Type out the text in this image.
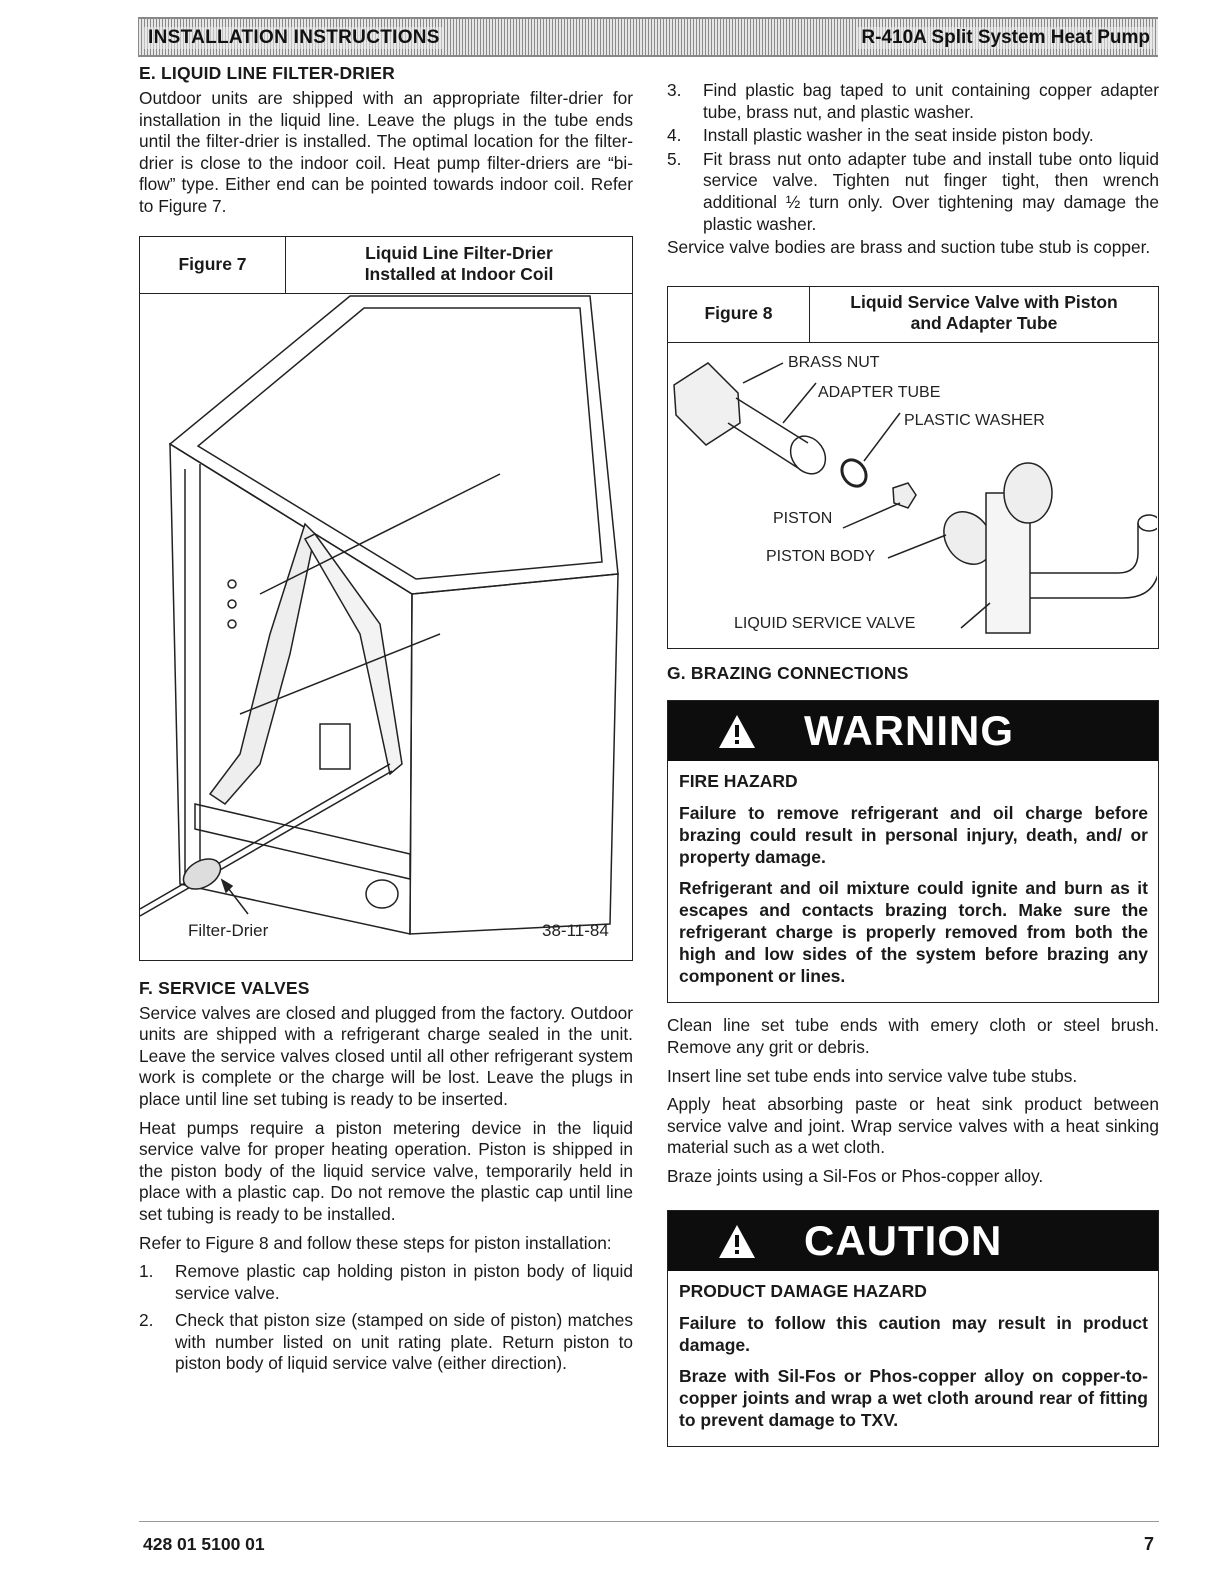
INSTALLATION INSTRUCTIONS	R-410A Split System Heat Pump
E. LIQUID LINE FILTER-DRIER

Outdoor units are shipped with an appropriate filter-drier for installation in the liquid line. Leave the plugs in the tube ends until the filter-drier is installed. The optimal location for the filter-drier is close to the indoor coil. Heat pump filter-driers are “bi-flow” type. Either end can be pointed towards indoor coil. Refer to Figure 7.

Figure 7
Liquid Line Filter-Drier
Installed at Indoor Coil
Filter-Drier	38-11-84
F. SERVICE VALVES

Service valves are closed and plugged from the factory. Outdoor units are shipped with a refrigerant charge sealed in the unit. Leave the service valves closed until all other refrigerant system work is complete or the charge will be lost. Leave the plugs in place until line set tubing is ready to be inserted.

Heat pumps require a piston metering device in the liquid service valve for proper heating operation. Piston is shipped in the piston body of the liquid service valve, temporarily held in place with a plastic cap. Do not remove the plastic cap until line set tubing is ready to be installed.

Refer to Figure 8 and follow these steps for piston installation:

1.	Remove plastic cap holding piston in piston body of liquid service valve.
2.	Check that piston size (stamped on side of piston) matches with number listed on unit rating plate. Return piston to piston body of liquid service valve (either direction).
3.	Find plastic bag taped to unit containing copper adapter tube, brass nut, and plastic washer.
4.	Install plastic washer in the seat inside piston body.
5.	Fit brass nut onto adapter tube and install tube onto liquid service valve. Tighten nut finger tight, then wrench additional ½ turn only. Over tightening may damage the plastic washer.

Service valve bodies are brass and suction tube stub is copper.

Figure 8
Liquid Service Valve with Piston
and Adapter Tube
BRASS NUT
ADAPTER TUBE
PLASTIC WASHER
PISTON
PISTON BODY
LIQUID SERVICE VALVE
G. BRAZING CONNECTIONS
WARNING
FIRE HAZARD
Failure to remove refrigerant and oil charge before brazing could result in personal injury, death, and/ or property damage.
Refrigerant and oil mixture could ignite and burn as it escapes and contacts brazing torch. Make sure the refrigerant charge is properly removed from both the high and low sides of the system before brazing any component or lines.

Clean line set tube ends with emery cloth or steel brush. Remove any grit or debris.

Insert line set tube ends into service valve tube stubs.

Apply heat absorbing paste or heat sink product between service valve and joint. Wrap service valves with a heat sinking material such as a wet cloth.

Braze joints using a Sil-Fos or Phos-copper alloy.

CAUTION
PRODUCT DAMAGE HAZARD
Failure to follow this caution may result in product damage.
Braze with Sil-Fos or Phos-copper alloy on copper-to-copper joints and wrap a wet cloth around rear of fitting to prevent damage to TXV.
428 01 5100 01	7
